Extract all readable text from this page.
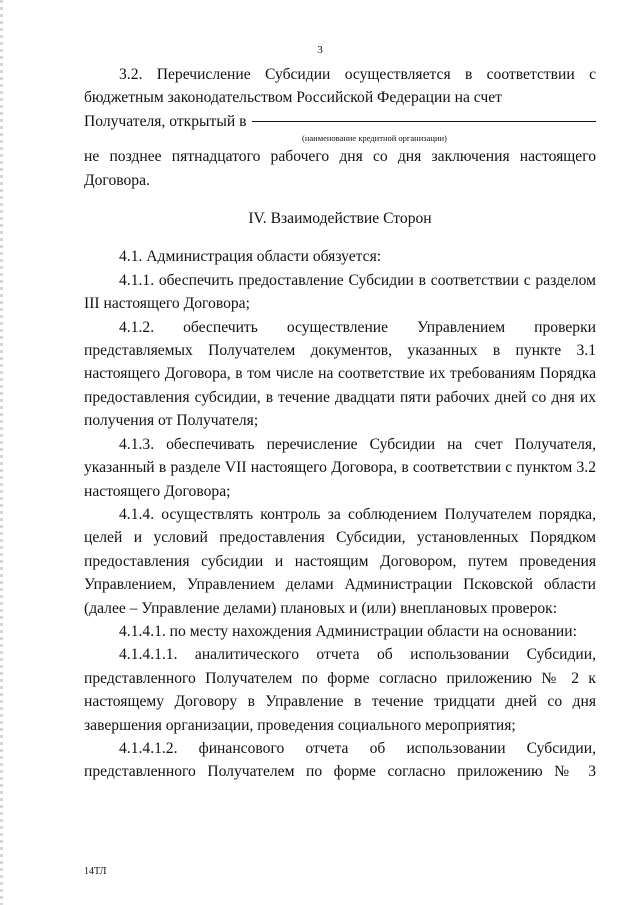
3

3.2. Перечисление Субсидии осуществляется в соответствии с бюджетным законодательством Российской Федерации на счет

Получателя, открытый в
(наименование кредитной организации)

не позднее пятнадцатого рабочего дня со дня заключения настоящего Договора.

IV. Взаимодействие Сторон

4.1. Администрация области обязуется:

4.1.1. обеспечить предоставление Субсидии в соответствии с разделом III настоящего Договора;

4.1.2. обеспечить осуществление Управлением проверки представляемых Получателем документов, указанных в пункте 3.1 настоящего Договора, в том числе на соответствие их требованиям Порядка предоставления субсидии, в течение двадцати пяти рабочих дней со дня их получения от Получателя;

4.1.3. обеспечивать перечисление Субсидии на счет Получателя, указанный в разделе VII настоящего Договора, в соответствии с пунктом 3.2 настоящего Договора;

4.1.4. осуществлять контроль за соблюдением Получателем порядка, целей и условий предоставления Субсидии, установленных Порядком предоставления субсидии и настоящим Договором, путем проведения Управлением, Управлением делами Администрации Псковской области (далее – Управление делами) плановых и (или) внеплановых проверок:

4.1.4.1. по месту нахождения Администрации области на основании:

4.1.4.1.1. аналитического отчета об использовании Субсидии, представленного Получателем по форме согласно приложению № 2 к настоящему Договору в Управление в течение тридцати дней со дня завершения организации, проведения социального мероприятия;

4.1.4.1.2. финансового отчета об использовании Субсидии, представленного Получателем по форме согласно приложению № 3

14ТЛ
